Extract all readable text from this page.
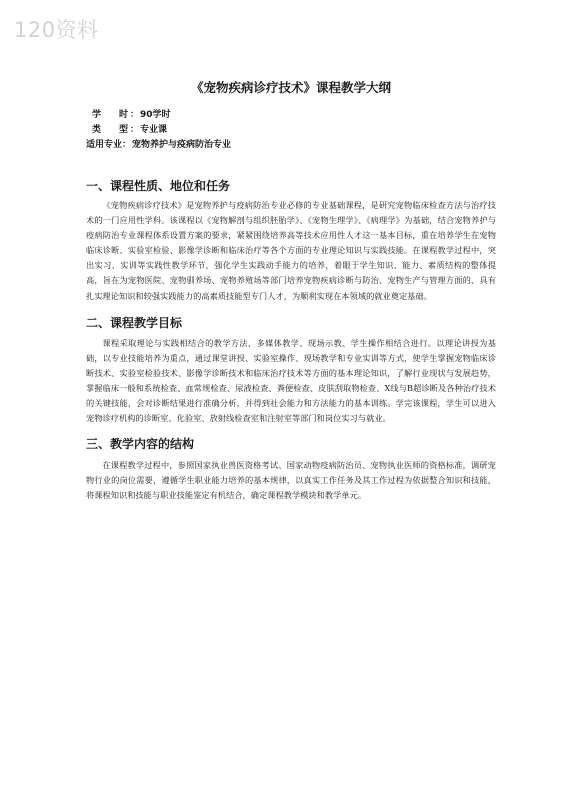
120资料
《宠物疾病诊疗技术》课程教学大纲
学　时 ： 90学时
类　型 ： 专业课
适用专业 ： 宠物养护与疫病防治专业
一、课程性质、地位和任务

《宠物疾病诊疗技术》是宠物养护与疫病防治专业必修的专业基础课程，是研究宠物临床检查方法与治疗技术的一门应用性学科。该课程以《宠物解剖与组织胚胎学》、《宠物生理学》、《病理学》为基础，结合宠物养护与疫病防治专业课程体系设置方案的要求，紧紧围绕培养高等技术应用性人才这一基本目标，重在培养学生在宠物临床诊断、实验室检验、影像学诊断和临床治疗等各个方面的专业理论知识与实践技能。在课程教学过程中，突出实习、实训等实践性教学环节，强化学生实践动手能力的培养，着眼于学生知识、能力、素质结构的整体提高，旨在为宠物医院、宠物驯养场、宠物养殖场等部门培养宠物疾病诊断与防治、宠物生产与管理方面的、具有扎实理论知识和较强实践能力的高素质技能型专门人才，为顺利实现在本领域的就业奠定基础。

二、课程教学目标

课程采取理论与实践相结合的教学方法，多媒体教学、现场示教、学生操作相结合进行。以理论讲授为基础，以专业技能培养为重点，通过课堂讲授、实验室操作、现场教学和专业实训等方式，使学生掌握宠物临床诊断技术、实验室检验技术、影像学诊断技术和临床治疗技术等方面的基本理论知识，了解行业现状与发展趋势，掌握临床一般和系统检查、血常规检查、尿液检查、粪便检查、皮肤刮取物检查、X线与B超诊断及各种治疗技术的关键技能，会对诊断结果进行准确分析，并得到社会能力和方法能力的基本训练。学完该课程，学生可以进入宠物诊疗机构的诊断室、化验室、放射线检查室和注射室等部门和岗位实习与就业。

三、教学内容的结构

在课程教学过程中，参照国家执业兽医资格考试、国家动物疫病防治员、宠物执业医师的资格标准，调研宠物行业的岗位需要，遵循学生职业能力培养的基本规律，以真实工作任务及其工作过程为依据整合知识和技能，将课程知识和技能与职业技能鉴定有机结合，确定课程教学模块和教学单元。
